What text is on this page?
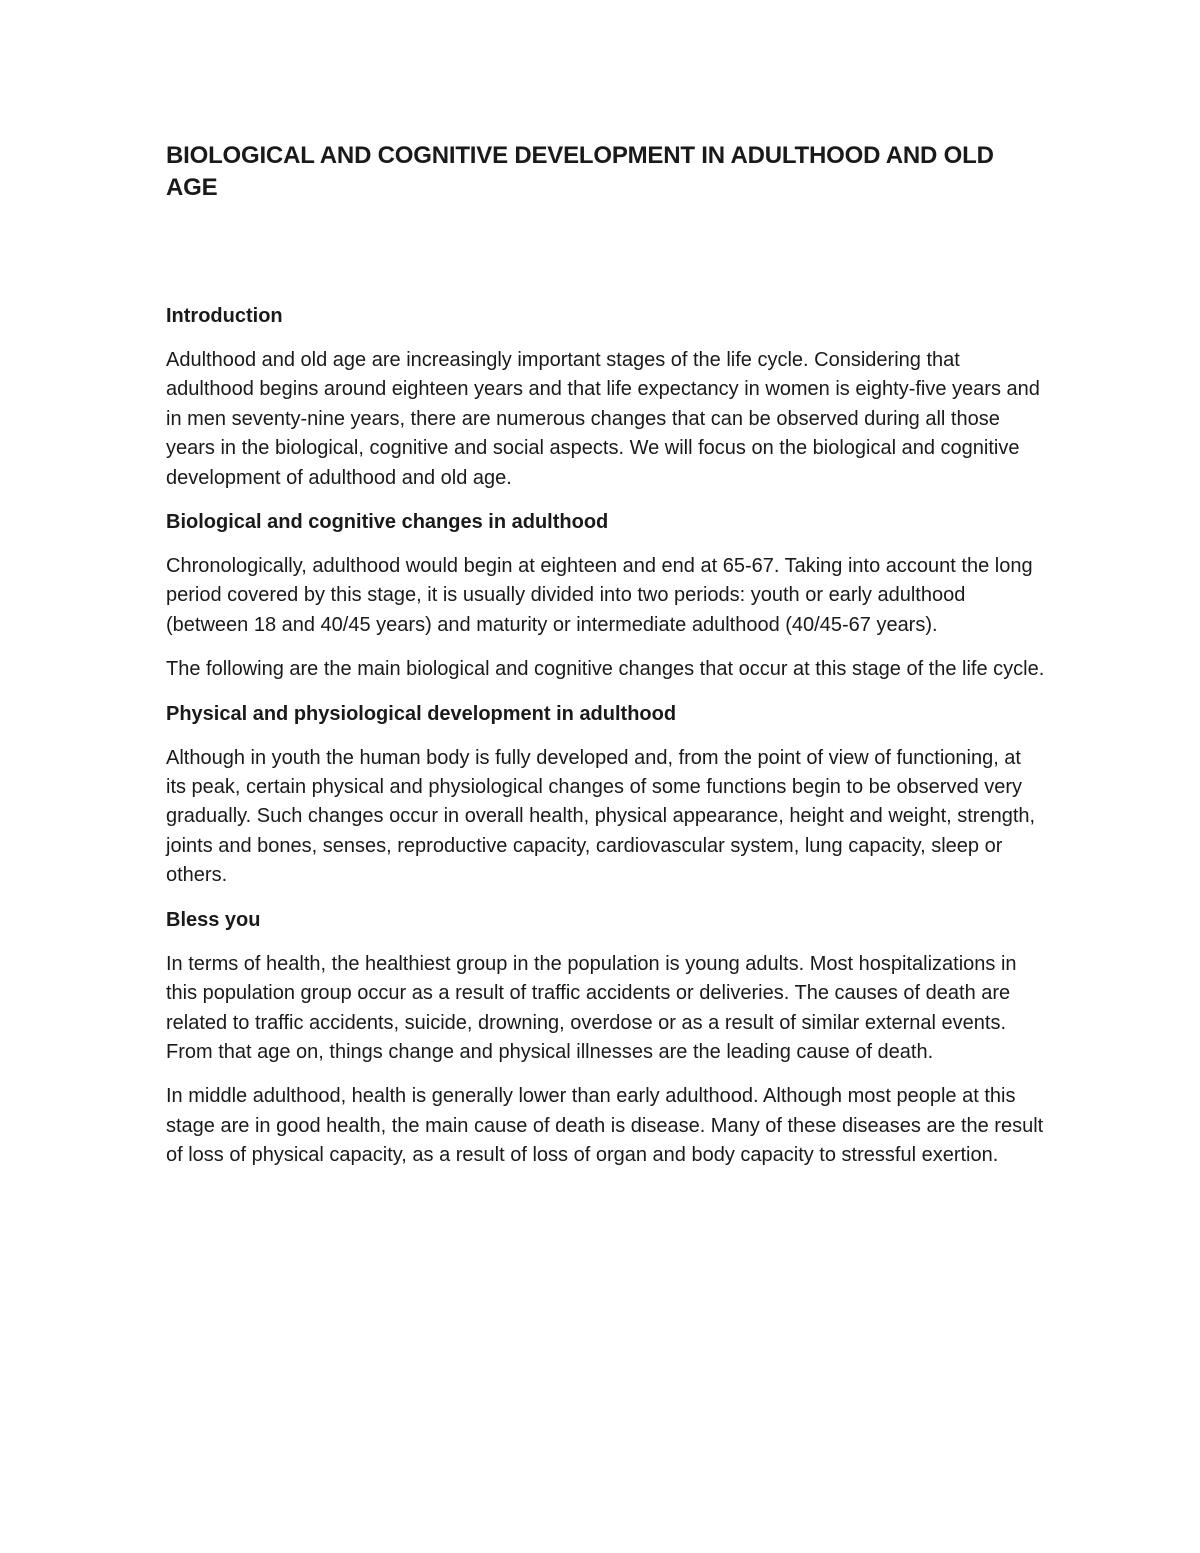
BIOLOGICAL AND COGNITIVE DEVELOPMENT IN ADULTHOOD AND OLD AGE
Introduction

Adulthood and old age are increasingly important stages of the life cycle. Considering that adulthood begins around eighteen years and that life expectancy in women is eighty-five years and in men seventy-nine years, there are numerous changes that can be observed during all those years in the biological, cognitive and social aspects. We will focus on the biological and cognitive development of adulthood and old age.

Biological and cognitive changes in adulthood

Chronologically, adulthood would begin at eighteen and end at 65-67. Taking into account the long period covered by this stage, it is usually divided into two periods: youth or early adulthood (between 18 and 40/45 years) and maturity or intermediate adulthood (40/45-67 years).

The following are the main biological and cognitive changes that occur at this stage of the life cycle.

Physical and physiological development in adulthood

Although in youth the human body is fully developed and, from the point of view of functioning, at its peak, certain physical and physiological changes of some functions begin to be observed very gradually. Such changes occur in overall health, physical appearance, height and weight, strength, joints and bones, senses, reproductive capacity, cardiovascular system, lung capacity, sleep or others.

Bless you

In terms of health, the healthiest group in the population is young adults. Most hospitalizations in this population group occur as a result of traffic accidents or deliveries. The causes of death are related to traffic accidents, suicide, drowning, overdose or as a result of similar external events. From that age on, things change and physical illnesses are the leading cause of death.

In middle adulthood, health is generally lower than early adulthood. Although most people at this stage are in good health, the main cause of death is disease. Many of these diseases are the result of loss of physical capacity, as a result of loss of organ and body capacity to stressful exertion.
